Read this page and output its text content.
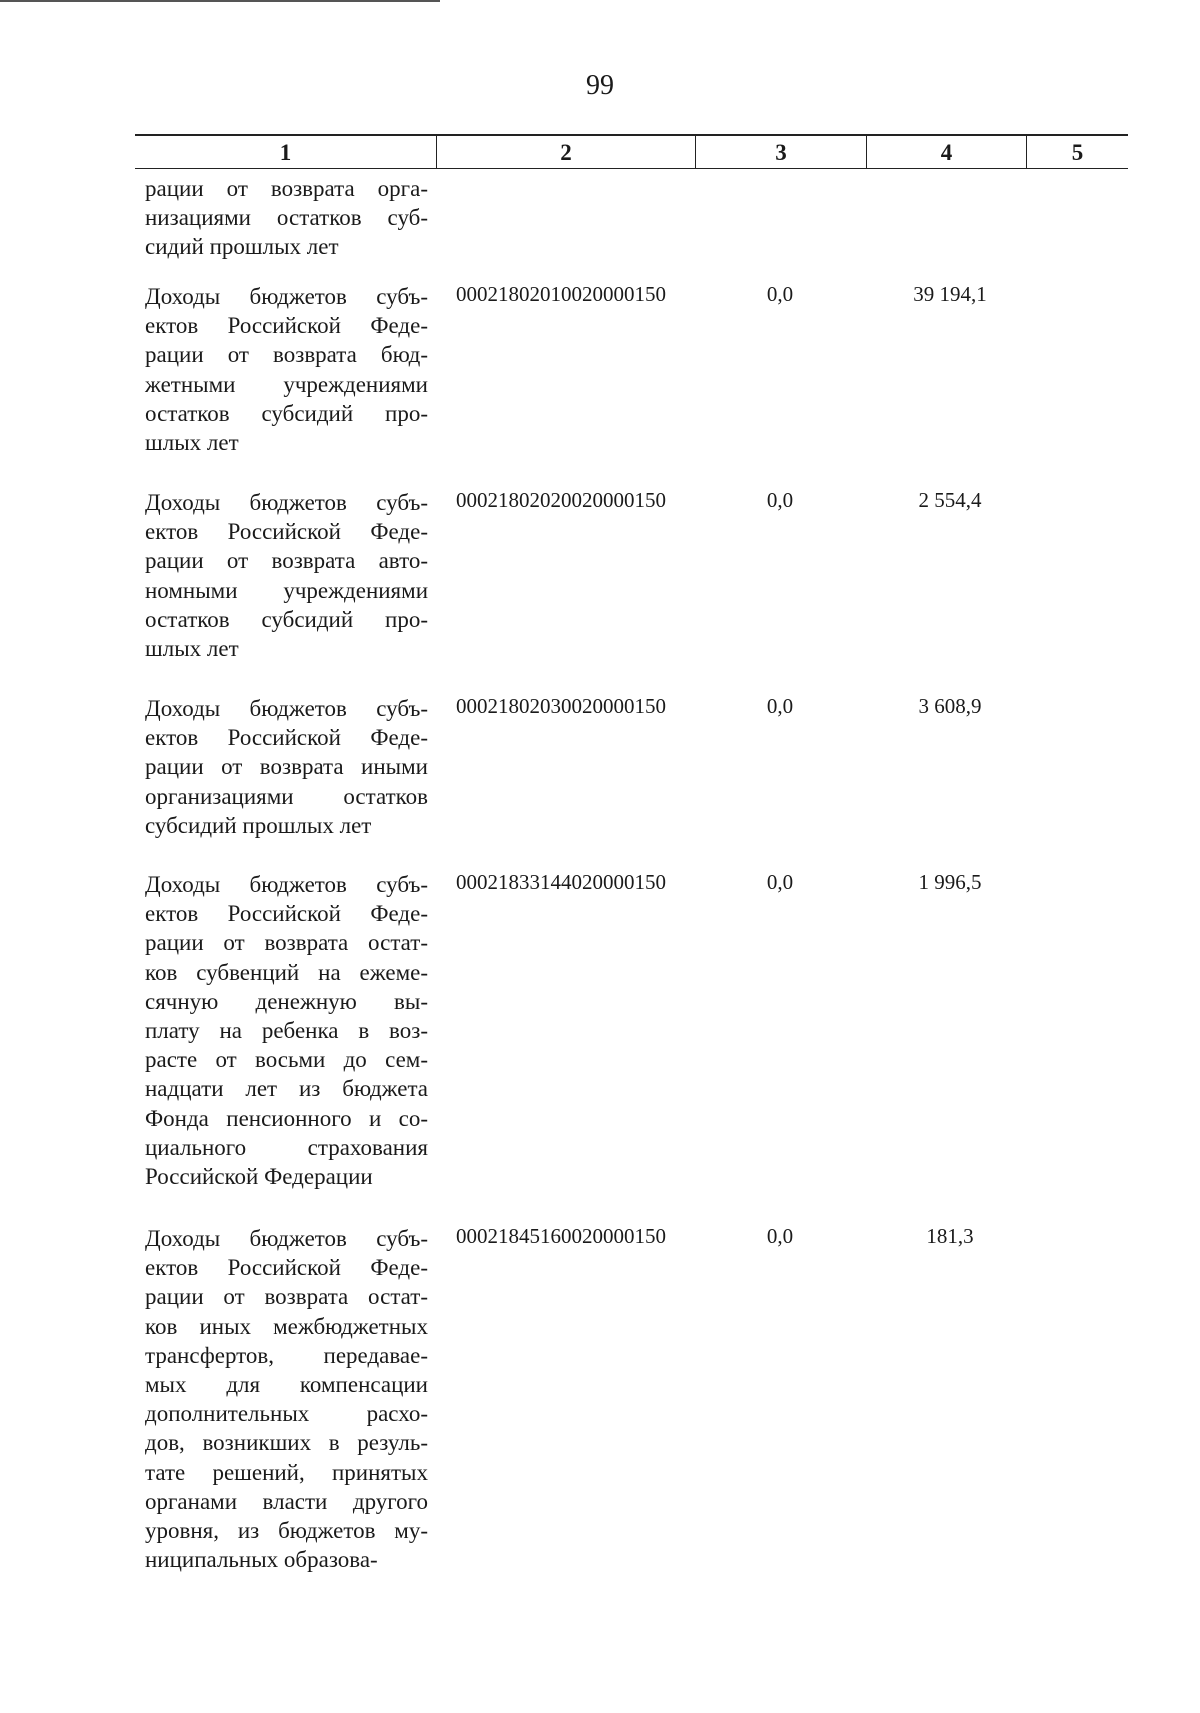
99
1	2	3	4	5
рации от возврата орга-
низациями остатков суб-
сидий прошлых лет
Доходы бюджетов субъ-
ектов Российской Феде-
рации от возврата бюд-
жетными учреждениями
остатков субсидий про-
шлых лет
00021802010020000150	0,0	39 194,1
Доходы бюджетов субъ-
ектов Российской Феде-
рации от возврата авто-
номными учреждениями
остатков субсидий про-
шлых лет
00021802020020000150	0,0	2 554,4
Доходы бюджетов субъ-
ектов Российской Феде-
рации от возврата иными
организациями остатков
субсидий прошлых лет
00021802030020000150	0,0	3 608,9
Доходы бюджетов субъ-
ектов Российской Феде-
рации от возврата остат-
ков субвенций на ежеме-
сячную денежную вы-
плату на ребенка в воз-
расте от восьми до сем-
надцати лет из бюджета
Фонда пенсионного и со-
циального страхования
Российской Федерации
00021833144020000150	0,0	1 996,5
Доходы бюджетов субъ-
ектов Российской Феде-
рации от возврата остат-
ков иных межбюджетных
трансфертов, передавае-
мых для компенсации
дополнительных расхо-
дов, возникших в резуль-
тате решений, принятых
органами власти другого
уровня, из бюджетов му-
ниципальных образова-
00021845160020000150	0,0	181,3
